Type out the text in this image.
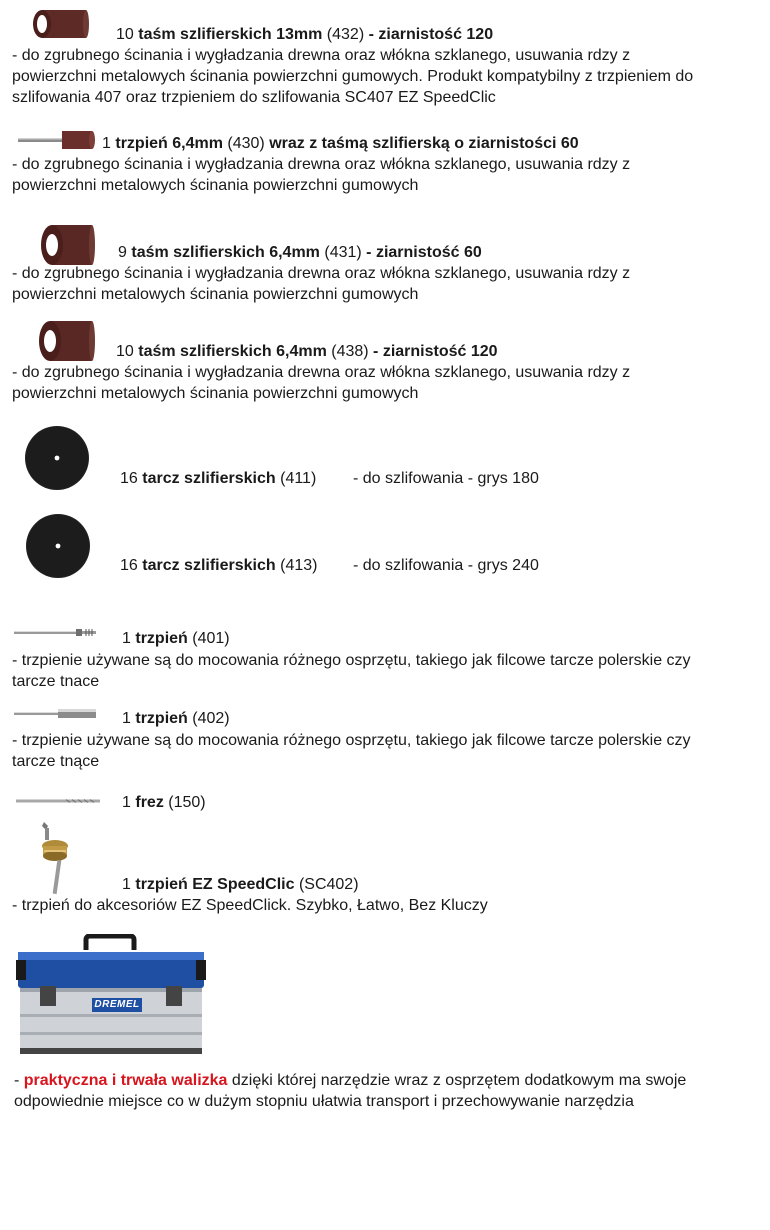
10 taśm szlifierskich 13mm (432) - ziarnistość 120
- do zgrubnego ścinania i wygładzania drewna oraz włókna szklanego, usuwania rdzy z
powierzchni metalowych ścinania powierzchni gumowych. Produkt kompatybilny z trzpieniem do
szlifowania 407 oraz trzpieniem do szlifowania SC407 EZ SpeedClic
1 trzpień 6,4mm (430) wraz z taśmą szlifierską o ziarnistości 60
- do zgrubnego ścinania i wygładzania drewna oraz włókna szklanego, usuwania rdzy z
powierzchni metalowych ścinania powierzchni gumowych
9 taśm szlifierskich 6,4mm (431) - ziarnistość 60
- do zgrubnego ścinania i wygładzania drewna oraz włókna szklanego, usuwania rdzy z
powierzchni metalowych ścinania powierzchni gumowych
10 taśm szlifierskich 6,4mm (438) - ziarnistość 120
- do zgrubnego ścinania i wygładzania drewna oraz włókna szklanego, usuwania rdzy z
powierzchni metalowych ścinania powierzchni gumowych
16 tarcz szlifierskich (411) - do szlifowania - grys 180
16 tarcz szlifierskich (413) - do szlifowania - grys 240
1 trzpień (401)
- trzpienie używane są do mocowania różnego osprzętu, takiego jak filcowe tarcze polerskie czy
tarcze tnace
1 trzpień (402)
- trzpienie używane są do mocowania różnego osprzętu, takiego jak filcowe tarcze polerskie czy
tarcze tnące
1 frez (150)
1 trzpień EZ SpeedClic (SC402)
- trzpień do akcesoriów EZ SpeedClick. Szybko, Łatwo, Bez Kluczy
DREMEL
- praktyczna i trwała walizka dzięki której narzędzie wraz z osprzętem dodatkowym ma swoje
odpowiednie miejsce co w dużym stopniu ułatwia transport i przechowywanie narzędzia
